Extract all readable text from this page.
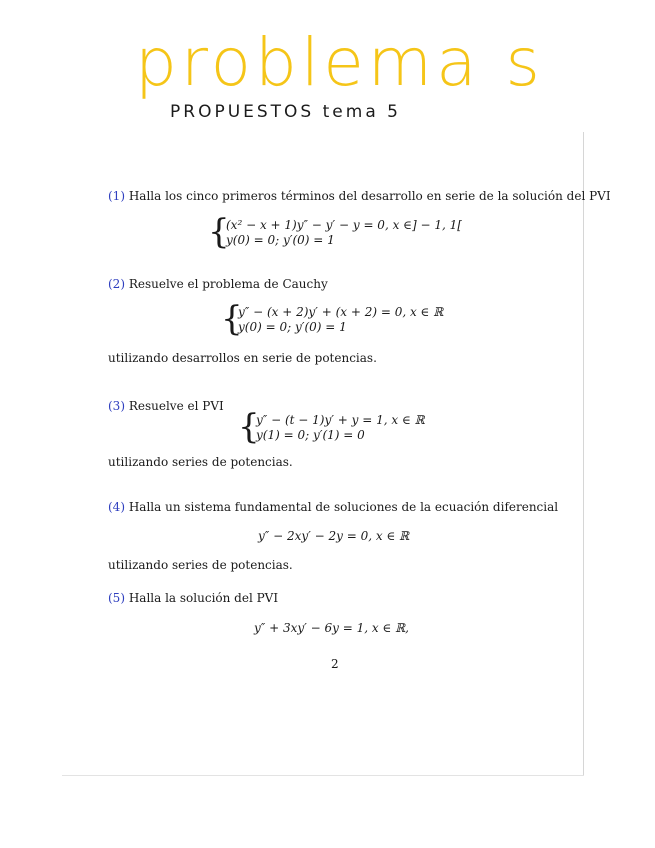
problema s
PROPUESTOS tema 5
(1) Halla los cinco primeros términos del desarrollo en serie de la solución del PVI
{
(x² − x + 1)y″ − y′ − y = 0, x ∈] − 1, 1[
y(0) = 0; y′(0) = 1
(2) Resuelve el problema de Cauchy
{
y″ − (x + 2)y′ + (x + 2) = 0, x ∈ ℝ
y(0) = 0; y′(0) = 1
utilizando desarrollos en serie de potencias.
(3) Resuelve el PVI
{
y″ − (t − 1)y′ + y = 1, x ∈ ℝ
y(1) = 0; y′(1) = 0
utilizando series de potencias.
(4) Halla un sistema fundamental de soluciones de la ecuación diferencial
y″ − 2xy′ − 2y = 0, x ∈ ℝ
utilizando series de potencias.
(5) Halla la solución del PVI
y″ + 3xy′ − 6y = 1, x ∈ ℝ,
2
